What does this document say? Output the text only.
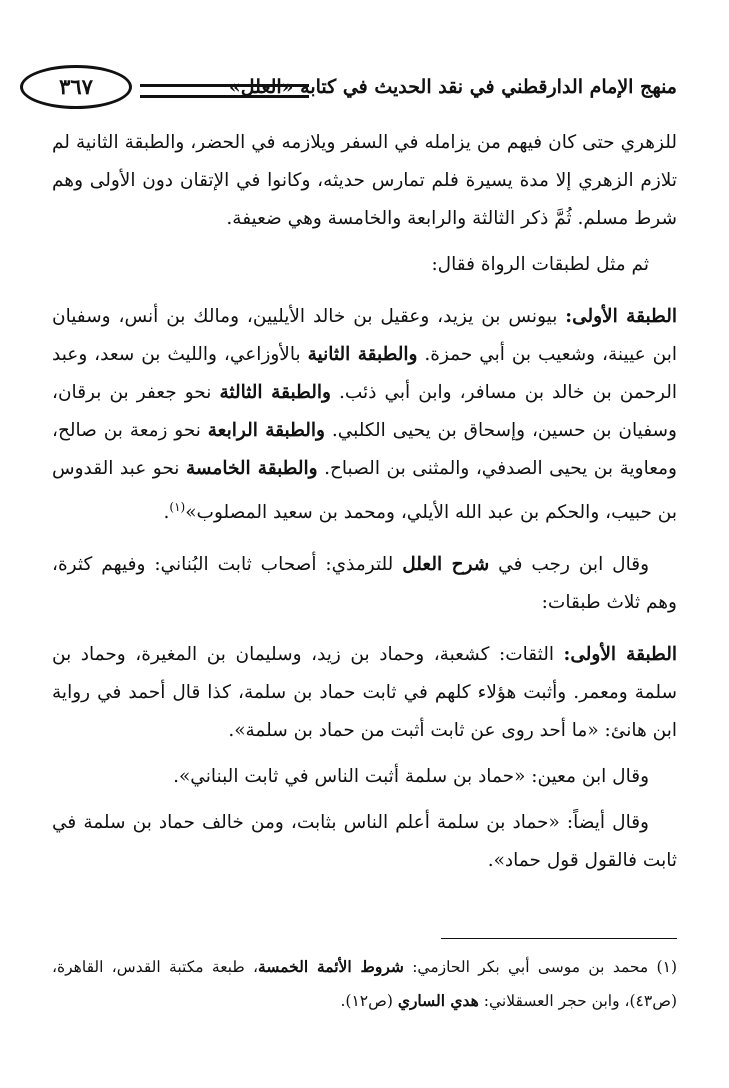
منهج الإمام الدارقطني في نقد الحديث في كتابه «العلل»
٣٦٧

للزهري حتى كان فيهم من يزامله في السفر ويلازمه في الحضر، والطبقة الثانية لم تلازم الزهري إلا مدة يسيرة فلم تمارس حديثه، وكانوا في الإتقان دون الأولى وهم شرط مسلم. ثُمَّ ذكر الثالثة والرابعة والخامسة وهي ضعيفة.

ثم مثل لطبقات الرواة فقال:

الطبقة الأولى: بيونس بن يزيد، وعقيل بن خالد الأيليين، ومالك بن أنس، وسفيان ابن عيينة، وشعيب بن أبي حمزة. والطبقة الثانية بالأوزاعي، والليث بن سعد، وعبد الرحمن بن خالد بن مسافر، وابن أبي ذئب. والطبقة الثالثة نحو جعفر بن برقان، وسفيان بن حسين، وإسحاق بن يحيى الكلبي. والطبقة الرابعة نحو زمعة بن صالح، ومعاوية بن يحيى الصدفي، والمثنى بن الصباح. والطبقة الخامسة نحو عبد القدوس بن حبيب، والحكم بن عبد الله الأيلي، ومحمد بن سعيد المصلوب»$^{(١)}$.

وقال ابن رجب في شرح العلل للترمذي: أصحاب ثابت البُناني: وفيهم كثرة، وهم ثلاث طبقات:

الطبقة الأولى: الثقات: كشعبة، وحماد بن زيد، وسليمان بن المغيرة، وحماد بن سلمة ومعمر. وأثبت هؤلاء كلهم في ثابت حماد بن سلمة، كذا قال أحمد في رواية ابن هانئ: «ما أحد روى عن ثابت أثبت من حماد بن سلمة».

وقال ابن معين: «حماد بن سلمة أثبت الناس في ثابت البناني».

وقال أيضاً: «حماد بن سلمة أعلم الناس بثابت، ومن خالف حماد بن سلمة في ثابت فالقول قول حماد».

(١) محمد بن موسى أبي بكر الحازمي: شروط الأئمة الخمسة، طبعة مكتبة القدس، القاهرة، (ص٤٣)، وابن حجر العسقلاني: هدي الساري (ص١٢).
